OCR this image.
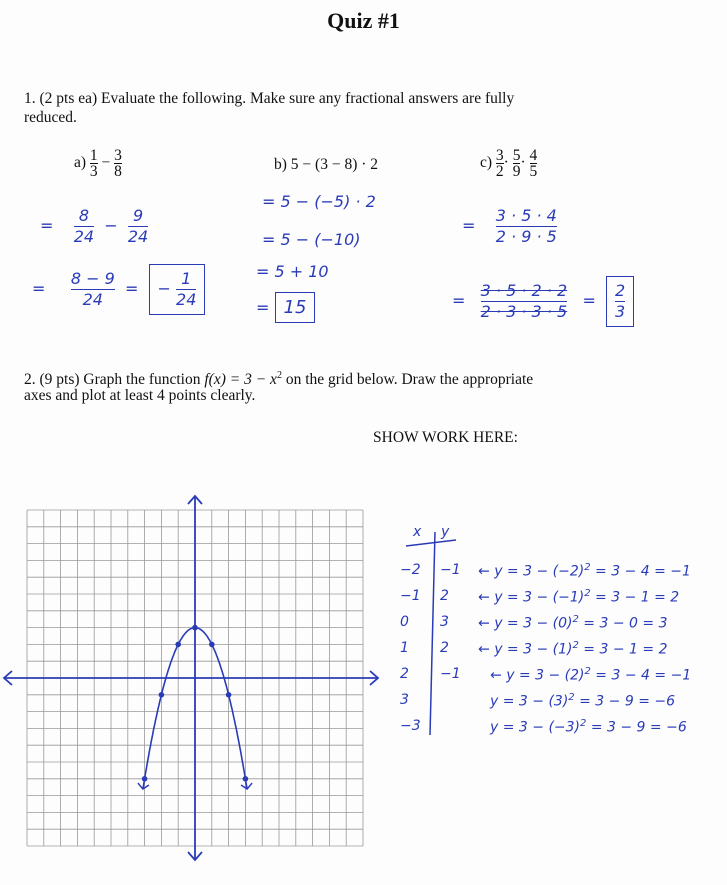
Quiz #1
1. (2 pts ea) Evaluate the following. Make sure any fractional answers are fully
reduced.
$a) \frac{1}{3} - \frac{3}{8}$	b) 5 − (3 − 8) · 2	$c) \frac{3}{2} \cdot \frac{5}{9} \cdot \frac{4}{5}$
= $\frac{8}{24} - \frac{9}{24}$
= $\frac{8 - 9}{24}$ = − $\frac{1}{24}$
= 5 − (−5) · 2
= 5 − (−10)
= 5 + 10
= 15
= $\frac{3 \cdot 5 \cdot 4}{2 \cdot 9 \cdot 5}$
= $\frac{3 \cdot 5 \cdot 2 \cdot 2}{2 \cdot 3 \cdot 3 \cdot 5} = \frac{2}{3}$
2. (9 pts) Graph the function $f(x) = 3 - x^2$ on the grid below. Draw the appropriate
axes and plot at least 4 points clearly.
SHOW WORK HERE:
x y
−2 −1 ← $y = 3 - (-2)^2 = 3 - 4 = -1$
−1 2 ← $y = 3 - (-1)^2 = 3 - 1 = 2$
0 3 ← $y = 3 - (0)^2 = 3 - 0 = 3$
1 2 ← $y = 3 - (1)^2 = 3 - 1 = 2$
2 −1 ← $y = 3 - (2)^2 = 3 - 4 = -1$
3	$y = 3 - (3)^2 = 3 - 9 = -6$
−3	$y = 3 - (-3)^2 = 3 - 9 = -6$
